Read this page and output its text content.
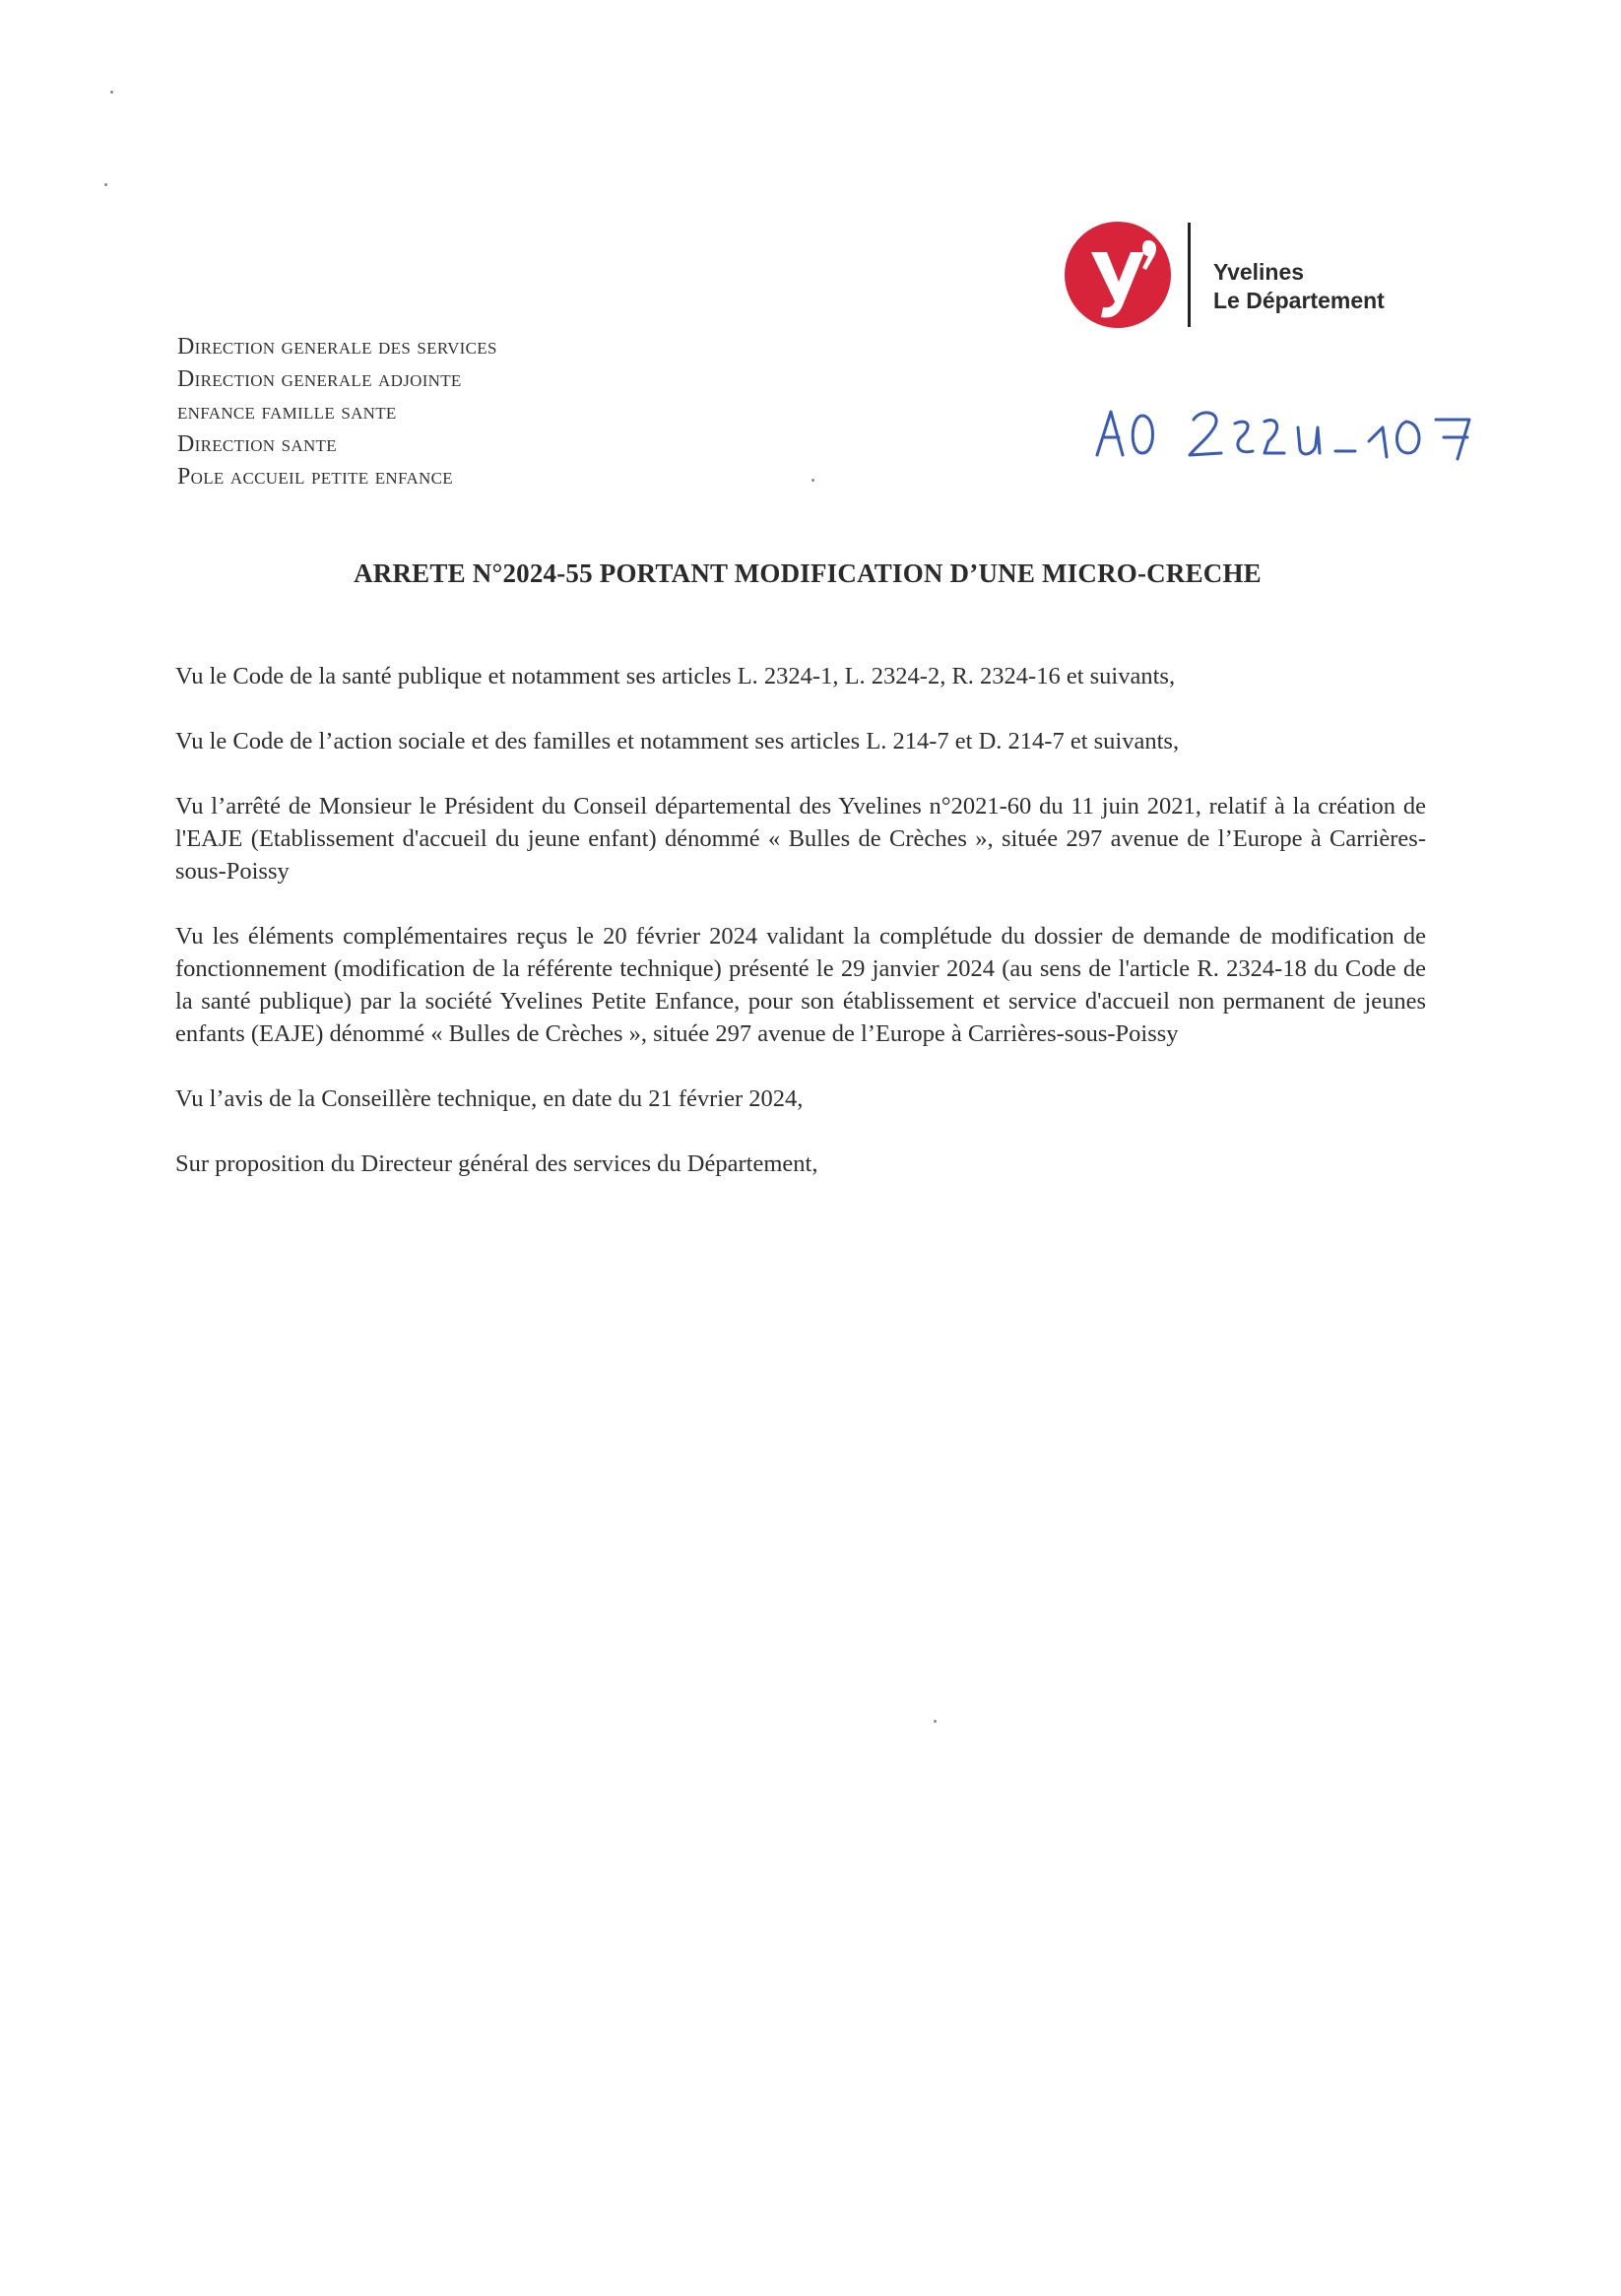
Yvelines
Le Département
Direction generale des services
Direction generale adjointe
enfance famille sante
Direction sante
Pole accueil petite enfance
ARRETE N°2024-55 PORTANT MODIFICATION D’UNE MICRO-CRECHE

Vu le Code de la santé publique et notamment ses articles L. 2324-1, L. 2324-2, R. 2324-16 et suivants,

Vu le Code de l’action sociale et des familles et notamment ses articles L. 214-7 et D. 214-7 et suivants,

Vu l’arrêté de Monsieur le Président du Conseil départemental des Yvelines n°2021-60 du 11 juin 2021, relatif à la création de l'EAJE (Etablissement d'accueil du jeune enfant) dénommé « Bulles de Crèches », située 297 avenue de l’Europe à Carrières-sous-Poissy

Vu les éléments complémentaires reçus le 20 février 2024 validant la complétude du dossier de demande de modification de fonctionnement (modification de la référente technique) présenté le 29 janvier 2024 (au sens de l'article R. 2324-18 du Code de la santé publique) par la société Yvelines Petite Enfance, pour son établissement et service d'accueil non permanent de jeunes enfants (EAJE) dénommé « Bulles de Crèches », située 297 avenue de l’Europe à Carrières-sous-Poissy

Vu l’avis de la Conseillère technique, en date du 21 février 2024,

Sur proposition du Directeur général des services du Département,
